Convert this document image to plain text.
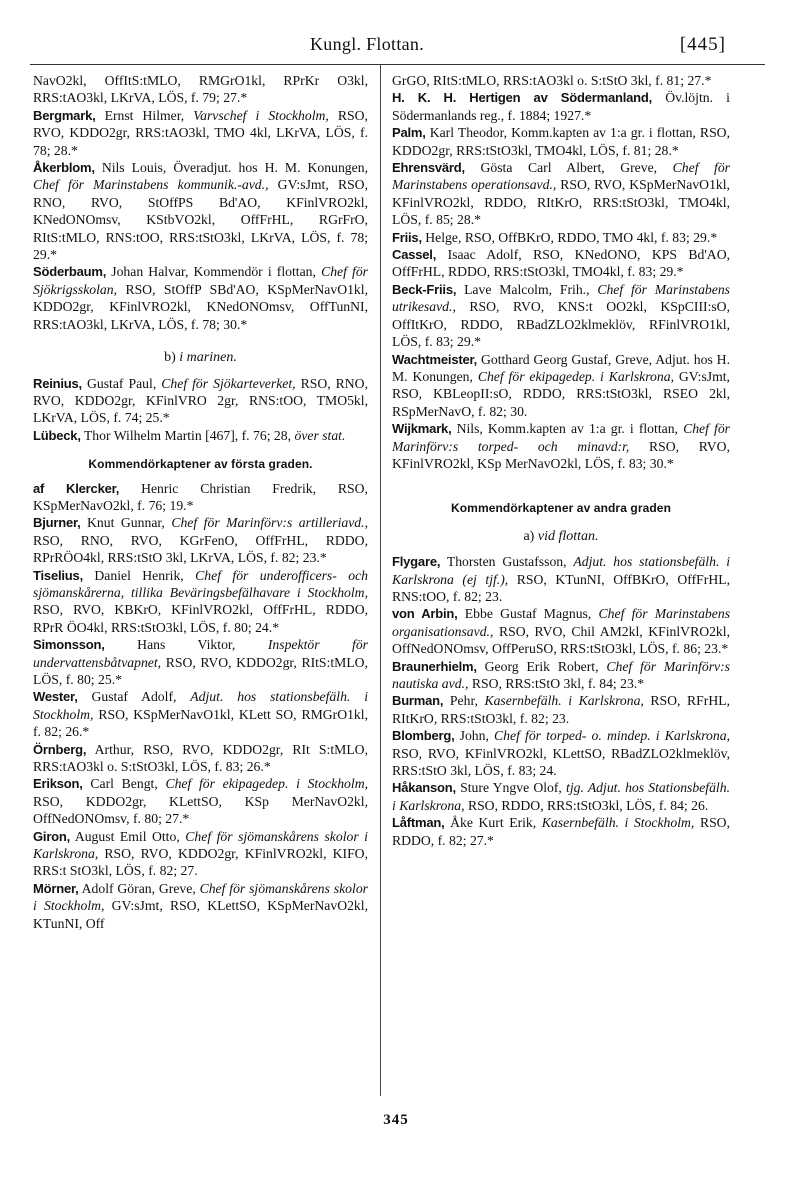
Kungl. Flottan.	[445]

NavO2kl, OffItS:tMLO, RMGrO1kl, RPrKr O3kl, RRS:tAO3kl, LKrVA, LÖS, f. 79; 27.*

Bergmark, Ernst Hilmer, Varvschef i Stockholm, RSO, RVO, KDDO2gr, RRS:tAO3kl, TMO 4kl, LKrVA, LÖS, f. 78; 28.*

Åkerblom, Nils Louis, Överadjut. hos H. M. Konungen, Chef för Marinstabens kommunik.-avd., GV:sJmt, RSO, RNO, RVO, StOffPS Bd'AO, KFinlVRO2kl, KNedONOmsv, KStbVO2kl, OffFrHL, RGrFrO, RItS:tMLO, RNS:tOO, RRS:tStO3kl, LKrVA, LÖS, f. 78; 29.*

Söderbaum, Johan Halvar, Kommendör i flottan, Chef för Sjökrigsskolan, RSO, StOffP SBd'AO, KSpMerNavO1kl, KDDO2gr, KFinlVRO2kl, KNedONOmsv, OffTunNI, RRS:tAO3kl, LKrVA, LÖS, f. 78; 30.*

b) i marinen.

Reinius, Gustaf Paul, Chef för Sjökarteverket, RSO, RNO, RVO, KDDO2gr, KFinlVRO 2gr, RNS:tOO, TMO5kl, LKrVA, LÖS, f. 74; 25.*

Lübeck, Thor Wilhelm Martin [467], f. 76; 28, över stat.

Kommendörkaptener av första graden.

af Klercker, Henric Christian Fredrik, RSO, KSpMerNavO2kl, f. 76; 19.*

Bjurner, Knut Gunnar, Chef för Marinförv:s artilleriavd., RSO, RNO, RVO, KGrFenO, OffFrHL, RDDO, RPrRÖO4kl, RRS:tStO 3kl, LKrVA, LÖS, f. 82; 23.*

Tiselius, Daniel Henrik, Chef för underofficers- och sjömanskårerna, tillika Beväringsbefälhavare i Stockholm, RSO, RVO, KBKrO, KFinlVRO2kl, OffFrHL, RDDO, RPrR ÖO4kl, RRS:tStO3kl, LÖS, f. 80; 24.*

Simonsson, Hans Viktor, Inspektör för undervattensbåtvapnet, RSO, RVO, KDDO2gr, RItS:tMLO, LÖS, f. 80; 25.*

Wester, Gustaf Adolf, Adjut. hos stationsbefälh. i Stockholm, RSO, KSpMerNavO1kl, KLett SO, RMGrO1kl, f. 82; 26.*

Örnberg, Arthur, RSO, RVO, KDDO2gr, RIt S:tMLO, RRS:tAO3kl o. S:tStO3kl, LÖS, f. 83; 26.*

Erikson, Carl Bengt, Chef för ekipagedep. i Stockholm, RSO, KDDO2gr, KLettSO, KSp MerNavO2kl, OffNedONOmsv, f. 80; 27.*

Giron, August Emil Otto, Chef för sjömanskårens skolor i Karlskrona, RSO, RVO, KDDO2gr, KFinlVRO2kl, KIFO, RRS:t StO3kl, LÖS, f. 82; 27.

Mörner, Adolf Göran, Greve, Chef för sjömanskårens skolor i Stockholm, GV:sJmt, RSO, KLettSO, KSpMerNavO2kl, KTunNI, Off

GrGO, RItS:tMLO, RRS:tAO3kl o. S:tStO 3kl, f. 81; 27.*

H. K. H. Hertigen av Södermanland, Öv.löjtn. i Södermanlands reg., f. 1884; 1927.*

Palm, Karl Theodor, Komm.kapten av 1:a gr. i flottan, RSO, KDDO2gr, RRS:tStO3kl, TMO4kl, LÖS, f. 81; 28.*

Ehrensvärd, Gösta Carl Albert, Greve, Chef för Marinstabens operationsavd., RSO, RVO, KSpMerNavO1kl, KFinlVRO2kl, RDDO, RItKrO, RRS:tStO3kl, TMO4kl, LÖS, f. 85; 28.*

Friis, Helge, RSO, OffBKrO, RDDO, TMO 4kl, f. 83; 29.*

Cassel, Isaac Adolf, RSO, KNedONO, KPS Bd'AO, OffFrHL, RDDO, RRS:tStO3kl, TMO4kl, f. 83; 29.*

Beck-Friis, Lave Malcolm, Frih., Chef för Marinstabens utrikesavd., RSO, RVO, KNS:t OO2kl, KSpCIII:sO, OffItKrO, RDDO, RBadZLO2klmeklöv, RFinlVRO1kl, LÖS, f. 83; 29.*

Wachtmeister, Gotthard Georg Gustaf, Greve, Adjut. hos H. M. Konungen, Chef för ekipagedep. i Karlskrona, GV:sJmt, RSO, KBLeopII:sO, RDDO, RRS:tStO3kl, RSEO 2kl, RSpMerNavO, f. 82; 30.

Wijkmark, Nils, Komm.kapten av 1:a gr. i flottan, Chef för Marinförv:s torped- och minavd:r, RSO, RVO, KFinlVRO2kl, KSp MerNavO2kl, LÖS, f. 83; 30.*

Kommendörkaptener av andra graden
a) vid flottan.

Flygare, Thorsten Gustafsson, Adjut. hos stationsbefälh. i Karlskrona (ej tjf.), RSO, KTunNI, OffBKrO, OffFrHL, RNS:tOO, f. 82; 23.

von Arbin, Ebbe Gustaf Magnus, Chef för Marinstabens organisationsavd., RSO, RVO, Chil AM2kl, KFinlVRO2kl, OffNedONOmsv, OffPeruSO, RRS:tStO3kl, LÖS, f. 86; 23.*

Braunerhielm, Georg Erik Robert, Chef för Marinförv:s nautiska avd., RSO, RRS:tStO 3kl, f. 84; 23.*

Burman, Pehr, Kasernbefälh. i Karlskrona, RSO, RFrHL, RItKrO, RRS:tStO3kl, f. 82; 23.

Blomberg, John, Chef för torped- o. mindep. i Karlskrona, RSO, RVO, KFinlVRO2kl, KLettSO, RBadZLO2klmeklöv, RRS:tStO 3kl, LÖS, f. 83; 24.

Håkanson, Sture Yngve Olof, tjg. Adjut. hos Stationsbefälh. i Karlskrona, RSO, RDDO, RRS:tStO3kl, LÖS, f. 84; 26.

Låftman, Åke Kurt Erik, Kasernbefälh. i Stockholm, RSO, RDDO, f. 82; 27.*

345
